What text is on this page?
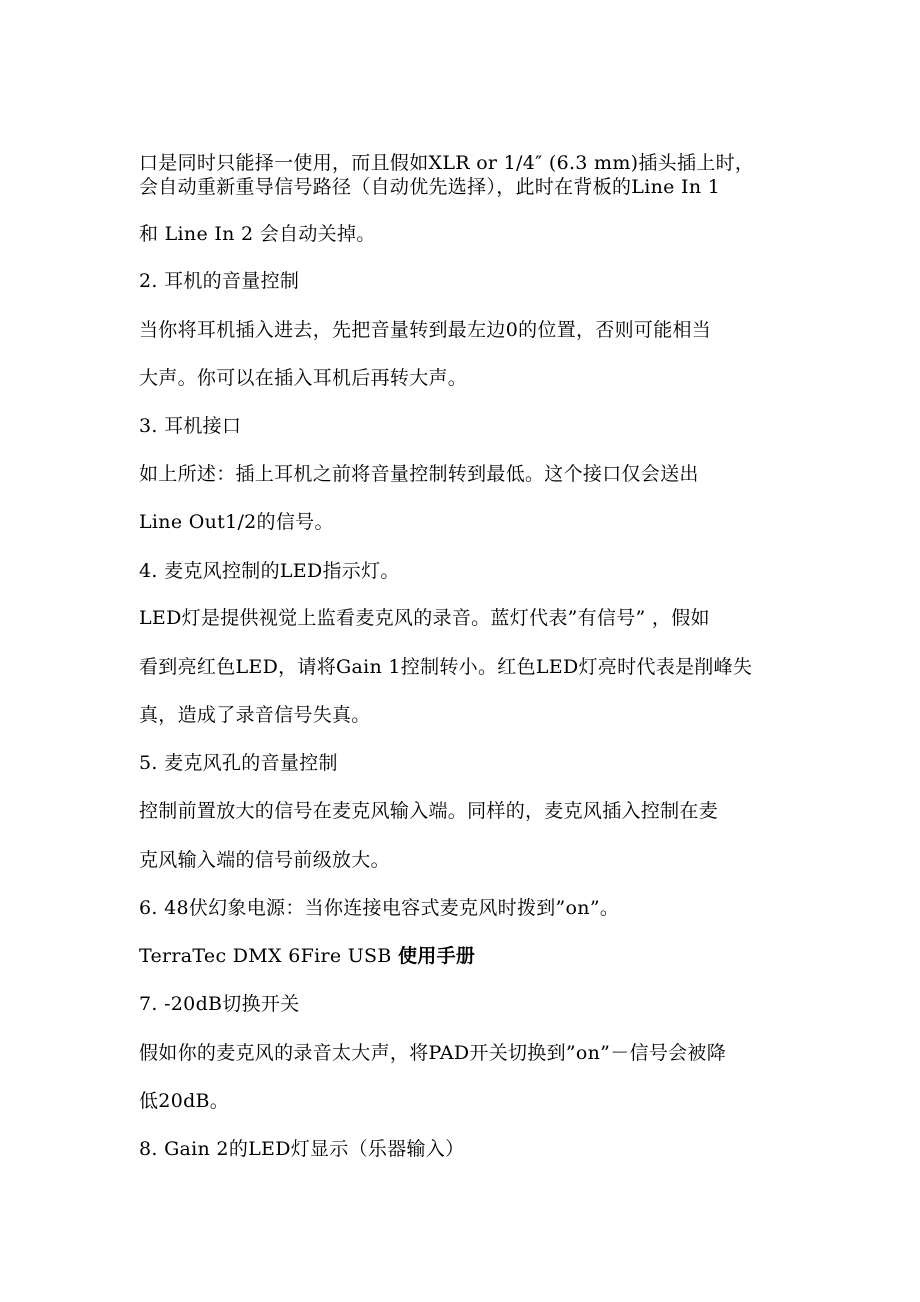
口是同时只能择一使用，而且假如XLR or 1/4″ (6.3 mm)插头插上时，
会自动重新重导信号路径（自动优先选择），此时在背板的Line In 1
和 Line In 2 会自动关掉。
2. 耳机的音量控制
当你将耳机插入进去，先把音量转到最左边0的位置，否则可能相当
大声。你可以在插入耳机后再转大声。
3. 耳机接口
如上所述：插上耳机之前将音量控制转到最低。这个接口仅会送出
Line Out1/2的信号。
4. 麦克风控制的LED指示灯。
LED灯是提供视觉上监看麦克风的录音。蓝灯代表”有信号” ，假如
看到亮红色LED，请将Gain 1控制转小。红色LED灯亮时代表是削峰失
真，造成了录音信号失真。
5. 麦克风孔的音量控制
控制前置放大的信号在麦克风输入端。同样的，麦克风插入控制在麦
克风输入端的信号前级放大。
6. 48伏幻象电源：当你连接电容式麦克风时拨到”on”。
TerraTec DMX 6Fire USB 使用手册
7. -20dB切换开关
假如你的麦克风的录音太大声，将PAD开关切换到”on”－信号会被降
低20dB。
8. Gain 2的LED灯显示（乐器输入）
